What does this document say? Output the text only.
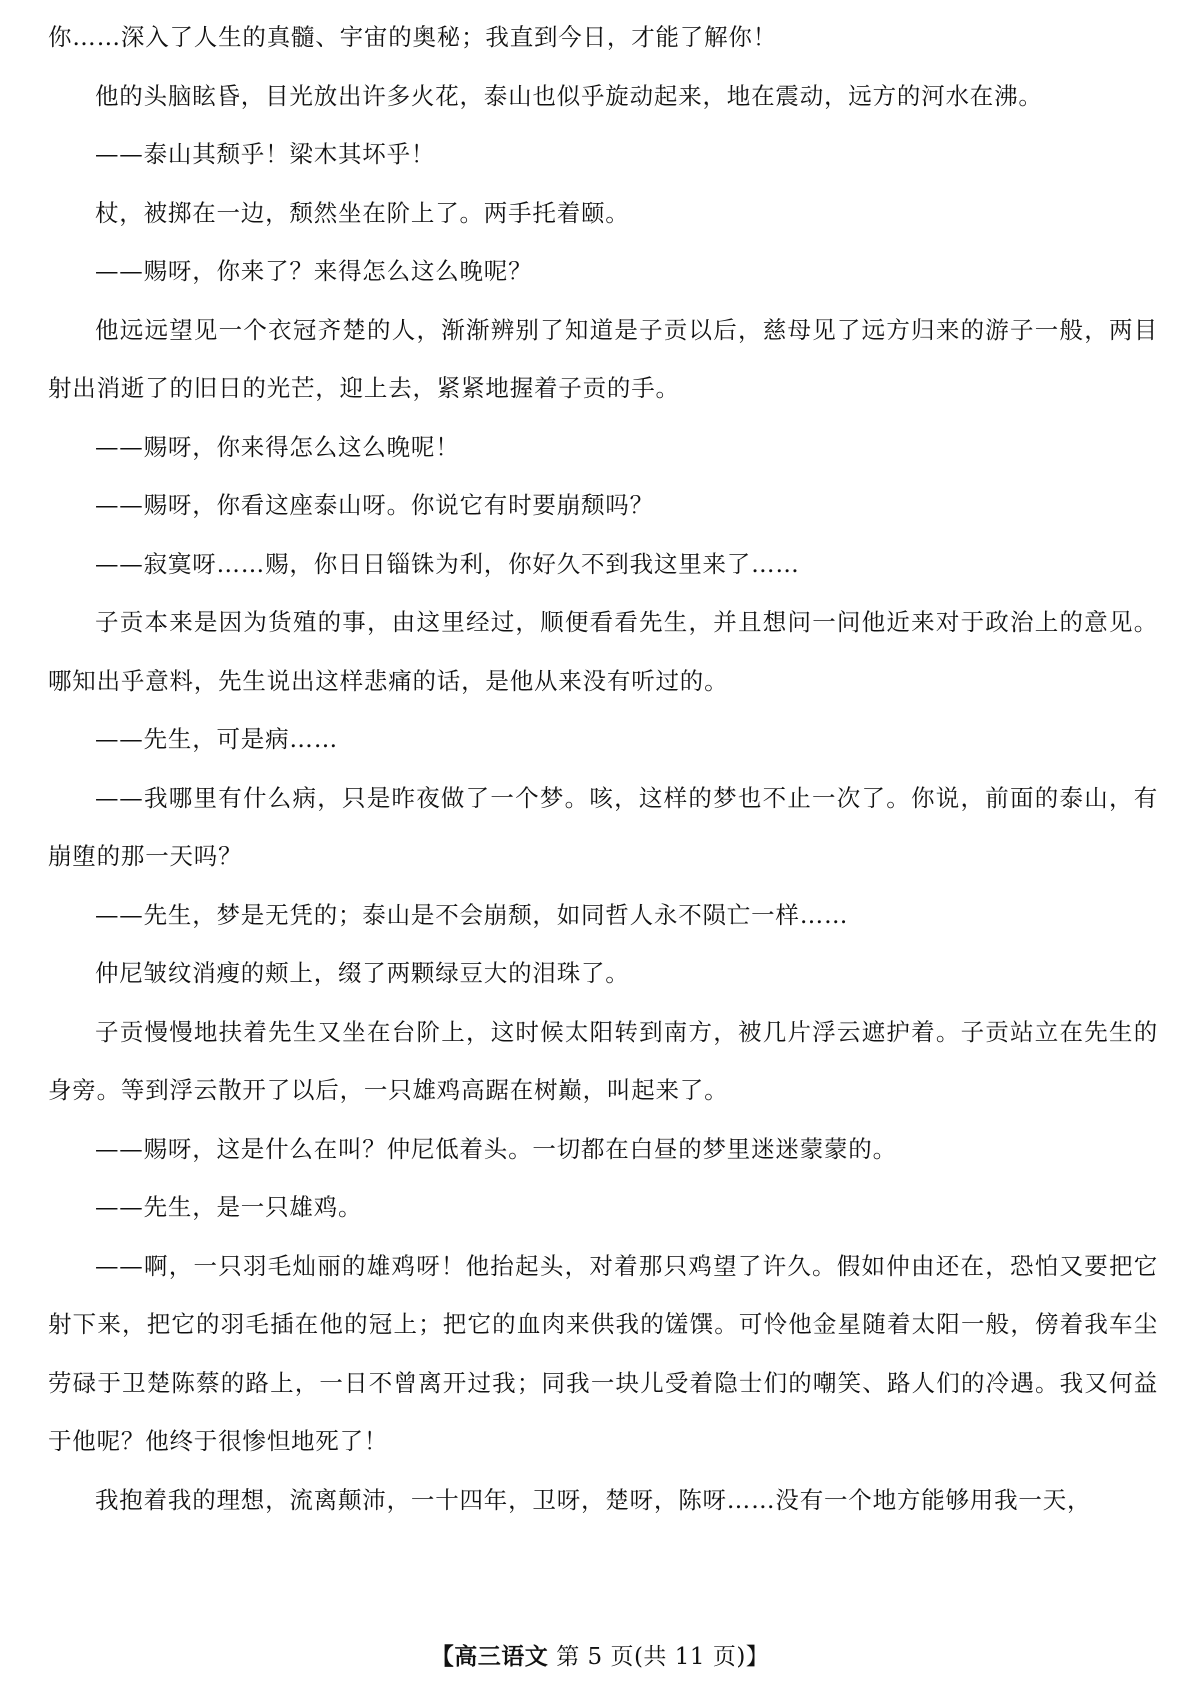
你……深入了人生的真髓、宇宙的奥秘；我直到今日，才能了解你！

他的头脑眩昏，目光放出许多火花，泰山也似乎旋动起来，地在震动，远方的河水在沸。

——泰山其颓乎！梁木其坏乎！

杖，被掷在一边，颓然坐在阶上了。两手托着颐。

——赐呀，你来了？来得怎么这么晚呢？

他远远望见一个衣冠齐楚的人，渐渐辨别了知道是子贡以后，慈母见了远方归来的游子一般，两目射出消逝了的旧日的光芒，迎上去，紧紧地握着子贡的手。

——赐呀，你来得怎么这么晚呢！

——赐呀，你看这座泰山呀。你说它有时要崩颓吗？

——寂寞呀……赐，你日日锱铢为利，你好久不到我这里来了……

子贡本来是因为货殖的事，由这里经过，顺便看看先生，并且想问一问他近来对于政治上的意见。哪知出乎意料，先生说出这样悲痛的话，是他从来没有听过的。

——先生，可是病……

——我哪里有什么病，只是昨夜做了一个梦。咳，这样的梦也不止一次了。你说，前面的泰山，有崩堕的那一天吗？

——先生，梦是无凭的；泰山是不会崩颓，如同哲人永不陨亡一样……

仲尼皱纹消瘦的颊上，缀了两颗绿豆大的泪珠了。

子贡慢慢地扶着先生又坐在台阶上，这时候太阳转到南方，被几片浮云遮护着。子贡站立在先生的身旁。等到浮云散开了以后，一只雄鸡高踞在树巅，叫起来了。

——赐呀，这是什么在叫？仲尼低着头。一切都在白昼的梦里迷迷蒙蒙的。

——先生，是一只雄鸡。

——啊，一只羽毛灿丽的雄鸡呀！他抬起头，对着那只鸡望了许久。假如仲由还在，恐怕又要把它射下来，把它的羽毛插在他的冠上；把它的血肉来供我的馐馔。可怜他金星随着太阳一般，傍着我车尘劳碌于卫楚陈蔡的路上，一日不曾离开过我；同我一块儿受着隐士们的嘲笑、路人们的冷遇。我又何益于他呢？他终于很惨怛地死了！

我抱着我的理想，流离颠沛，一十四年，卫呀，楚呀，陈呀……没有一个地方能够用我一天，

【高三语文 第 5 页(共 11 页)】
